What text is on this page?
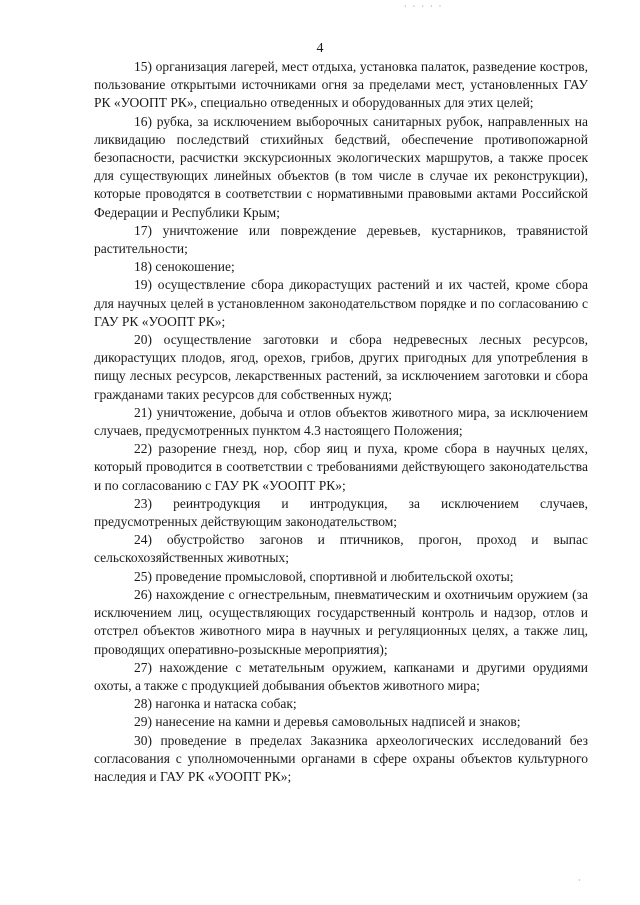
· · · · ·
4

15) организация лагерей, мест отдыха, установка палаток, разведение костров, пользование открытыми источниками огня за пределами мест, установленных ГАУ РК «УООПТ РК», специально отведенных и оборудованных для этих целей;

16) рубка, за исключением выборочных санитарных рубок, направленных на ликвидацию последствий стихийных бедствий, обеспечение противопожарной безопасности, расчистки экскурсионных экологических маршрутов, а также просек для существующих линейных объектов (в том числе в случае их реконструкции), которые проводятся в соответствии с нормативными правовыми актами Российской Федерации и Республики Крым;

17) уничтожение или повреждение деревьев, кустарников, травянистой растительности;

18) сенокошение;

19) осуществление сбора дикорастущих растений и их частей, кроме сбора для научных целей в установленном законодательством порядке и по согласованию с ГАУ РК «УООПТ РК»;

20) осуществление заготовки и сбора недревесных лесных ресурсов, дикорастущих плодов, ягод, орехов, грибов, других пригодных для употребления в пищу лесных ресурсов, лекарственных растений, за исключением заготовки и сбора гражданами таких ресурсов для собственных нужд;

21) уничтожение, добыча и отлов объектов животного мира, за исключением случаев, предусмотренных пунктом 4.3 настоящего Положения;

22) разорение гнезд, нор, сбор яиц и пуха, кроме сбора в научных целях, который проводится в соответствии с требованиями действующего законодательства и по согласованию с ГАУ РК «УООПТ РК»;

23) реинтродукция и интродукция, за исключением случаев, предусмотренных действующим законодательством;

24) обустройство загонов и птичников, прогон, проход и выпас сельскохозяйственных животных;

25) проведение промысловой, спортивной и любительской охоты;

26) нахождение с огнестрельным, пневматическим и охотничьим оружием (за исключением лиц, осуществляющих государственный контроль и надзор, отлов и отстрел объектов животного мира в научных и регуляционных целях, а также лиц, проводящих оперативно-розыскные мероприятия);

27) нахождение с метательным оружием, капканами и другими орудиями охоты, а также с продукцией добывания объектов животного мира;

28) нагонка и натаска собак;

29) нанесение на камни и деревья самовольных надписей и знаков;

30) проведение в пределах Заказника археологических исследований без согласования с уполномоченными органами в сфере охраны объектов культурного наследия и ГАУ РК «УООПТ РК»;

·
